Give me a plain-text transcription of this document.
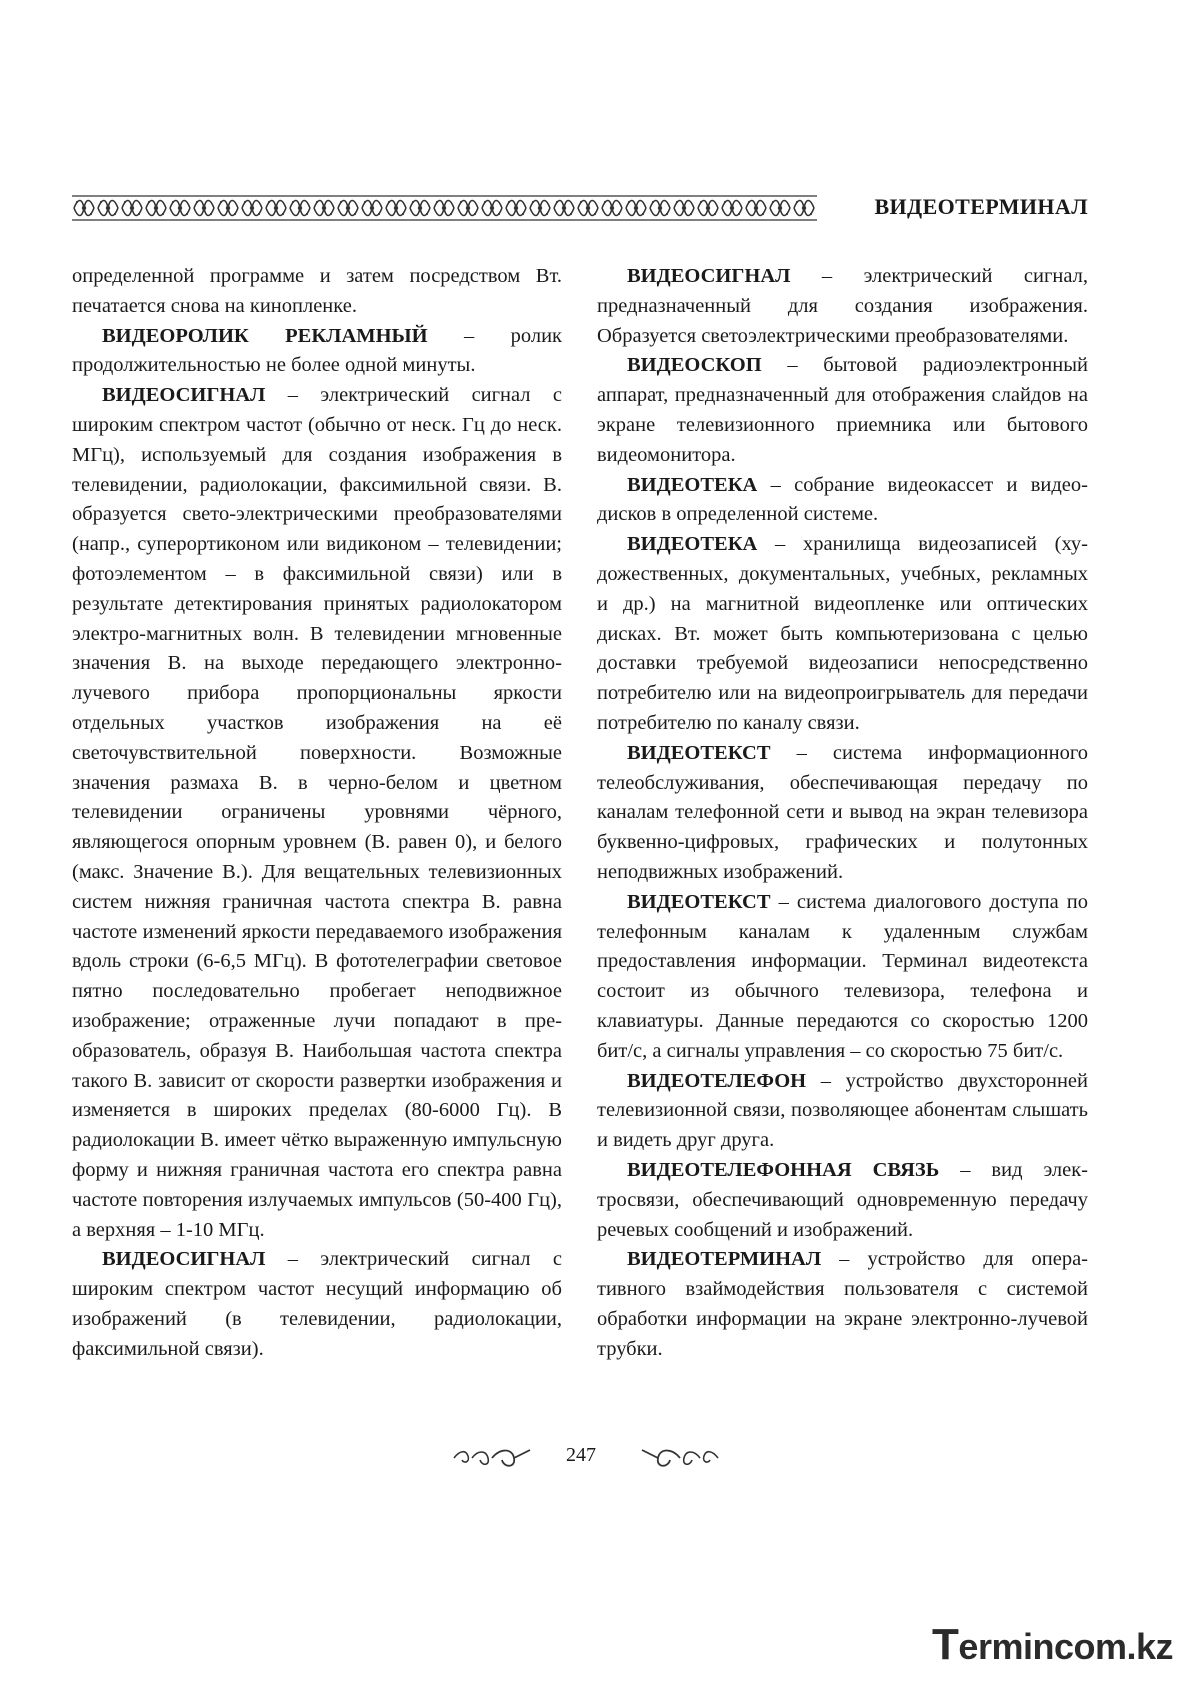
ВИДЕОТЕРМИНАЛ

определенной программе и затем посредством Вт. печатается снова на кинопленке.

ВИДЕОРОЛИК РЕКЛАМНЫЙ – ролик продолжительностью не более одной минуты.

ВИДЕОСИГНАЛ – электрический сигнал с широким спектром частот (обычно от неск. Гц до неск. МГц), используемый для создания изображения в телевидении, радиолокации, факсимильной связи. В. образуется свето-электрическими преобразователями (напр., суперортиконом или видиконом – телевидении; фотоэлементом – в факсимильной связи) или в результате детектирования принятых радиолокатором электро-магнитных волн. В телевидении мгновенные значения В. на выходе передающего электронно-лучевого прибора пропорциональны яркости отдельных участков изображения на её светочувствительной поверхности. Возможные значения размаха В. в черно-белом и цветном телевидении ограничены уровнями чёрного, являющегося опорным уровнем (В. равен 0), и белого (макс. Значение В.). Для вещательных телевизионных систем нижняя граничная частота спектра В. равна частоте изменений яркости передаваемого изображения вдоль строки (6-6,5 МГц). В фототелеграфии световое пятно последовательно пробегает неподвижное изображение; отраженные лучи попадают в преобразователь, образуя В. Наибольшая частота спектра такого В. зависит от скорости развертки изображения и изменяется в широких пределах (80-6000 Гц). В радиолокации В. имеет чётко выраженную импульсную форму и нижняя граничная частота его спектра равна частоте повторения излучаемых импульсов (50-400 Гц), а верхняя – 1-10 МГц.

ВИДЕОСИГНАЛ – электрический сигнал с широким спектром частот несущий информацию об изображений (в телевидении, радиолокации, факсимильной связи).

ВИДЕОСИГНАЛ – электрический сигнал, предназначенный для создания изображения. Образуется светоэлектрическими преобразователями.

ВИДЕОСКОП – бытовой радиоэлектронный аппарат, предназначенный для отображения слайдов на экране телевизионного приемника или бытового видеомонитора.

ВИДЕОТЕКА – собрание видеокассет и видеодисков в определенной системе.

ВИДЕОТЕКА – хранилища видеозаписей (художественных, документальных, учебных, рекламных и др.) на магнитной видеопленке или оптических дисках. Вт. может быть компьютеризована с целью доставки требуемой видеозаписи непосредственно потребителю или на видеопроигрыватель для передачи потребителю по каналу связи.

ВИДЕОТЕКСТ – система информационного телеобслуживания, обеспечивающая передачу по каналам телефонной сети и вывод на экран телевизора буквенно-цифровых, графических и полутонных неподвижных изображений.

ВИДЕОТЕКСТ – система диалогового доступа по телефонным каналам к удаленным службам предоставления информации. Терминал видеотекста состоит из обычного телевизора, телефона и клавиатуры. Данные передаются со скоростью 1200 бит/с, а сигналы управления – со скоростью 75 бит/с.

ВИДЕОТЕЛЕФОН – устройство двухсторонней телевизионной связи, позволяющее абонентам слышать и видеть друг друга.

ВИДЕОТЕЛЕФОННАЯ СВЯЗЬ – вид электросвязи, обеспечивающий одновременную передачу речевых сообщений и изображений.

ВИДЕОТЕРМИНАЛ – устройство для оперативного взаймодействия пользователя с системой обработки информации на экране электронно-лучевой трубки.

247
Termincom.kz
